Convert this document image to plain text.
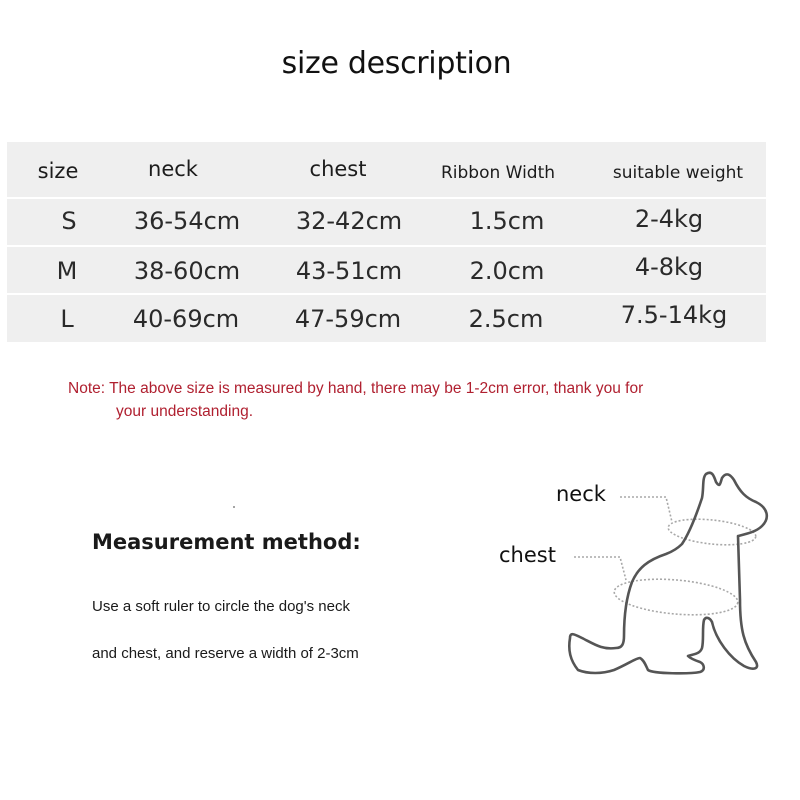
size description
size	neck	chest	Ribbon Width	suitable weight
S 36-54cm 32-42cm	1.5cm	2-4kg
M 38-60cm 43-51cm	2.0cm	4-8kg
L 40-69cm 47-59cm	2.5cm	7.5-14kg

Note: The above size is measured by hand, there may be 1-2cm error, thank you for
your understanding.

Measurement method:

Use a soft ruler to circle the dog's neck

and chest, and reserve a width of 2-3cm

neck
chest
